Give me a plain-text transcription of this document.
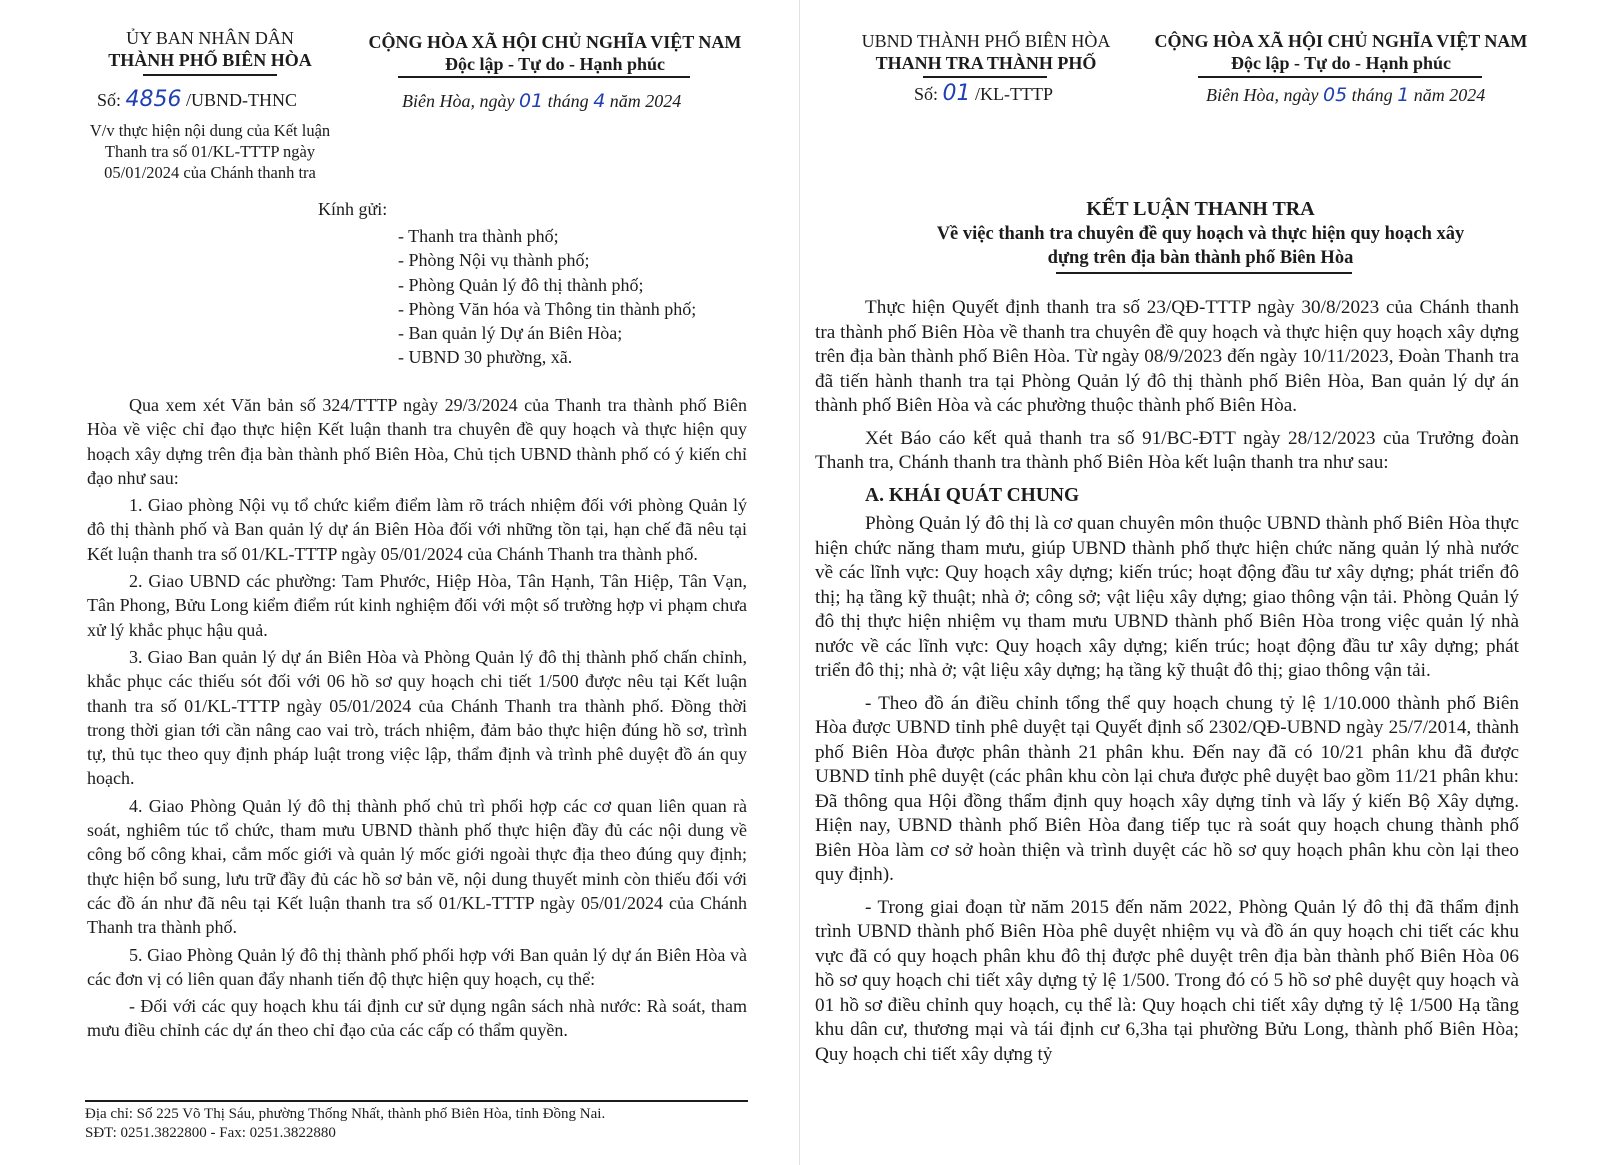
ỦY BAN NHÂN DÂN
THÀNH PHỐ BIÊN HÒA
CỘNG HÒA XÃ HỘI CHỦ NGHĨA VIỆT NAM
Độc lập - Tự do - Hạnh phúc
Số: 4856 /UBND-THNC	Biên Hòa, ngày 01 tháng 4 năm 2024
V/v thực hiện nội dung của Kết luận
Thanh tra số 01/KL-TTTP ngày
05/01/2024 của Chánh thanh tra
Kính gửi:
- Thanh tra thành phố;
- Phòng Nội vụ thành phố;
- Phòng Quản lý đô thị thành phố;
- Phòng Văn hóa và Thông tin thành phố;
- Ban quản lý Dự án Biên Hòa;
- UBND 30 phường, xã.

Qua xem xét Văn bản số 324/TTTP ngày 29/3/2024 của Thanh tra thành phố Biên Hòa về việc chỉ đạo thực hiện Kết luận thanh tra chuyên đề quy hoạch và thực hiện quy hoạch xây dựng trên địa bàn thành phố Biên Hòa, Chủ tịch UBND thành phố có ý kiến chỉ đạo như sau:

1. Giao phòng Nội vụ tổ chức kiểm điểm làm rõ trách nhiệm đối với phòng Quản lý đô thị thành phố và Ban quản lý dự án Biên Hòa đối với những tồn tại, hạn chế đã nêu tại Kết luận thanh tra số 01/KL-TTTP ngày 05/01/2024 của Chánh Thanh tra thành phố.

2. Giao UBND các phường: Tam Phước, Hiệp Hòa, Tân Hạnh, Tân Hiệp, Tân Vạn, Tân Phong, Bửu Long kiểm điểm rút kinh nghiệm đối với một số trường hợp vi phạm chưa xử lý khắc phục hậu quả.

3. Giao Ban quản lý dự án Biên Hòa và Phòng Quản lý đô thị thành phố chấn chỉnh, khắc phục các thiếu sót đối với 06 hồ sơ quy hoạch chi tiết 1/500 được nêu tại Kết luận thanh tra số 01/KL-TTTP ngày 05/01/2024 của Chánh Thanh tra thành phố. Đồng thời trong thời gian tới cần nâng cao vai trò, trách nhiệm, đảm bảo thực hiện đúng hồ sơ, trình tự, thủ tục theo quy định pháp luật trong việc lập, thẩm định và trình phê duyệt đồ án quy hoạch.

4. Giao Phòng Quản lý đô thị thành phố chủ trì phối hợp các cơ quan liên quan rà soát, nghiêm túc tổ chức, tham mưu UBND thành phố thực hiện đầy đủ các nội dung về công bố công khai, cắm mốc giới và quản lý mốc giới ngoài thực địa theo đúng quy định; thực hiện bổ sung, lưu trữ đầy đủ các hồ sơ bản vẽ, nội dung thuyết minh còn thiếu đối với các đồ án như đã nêu tại Kết luận thanh tra số 01/KL-TTTP ngày 05/01/2024 của Chánh Thanh tra thành phố.

5. Giao Phòng Quản lý đô thị thành phố phối hợp với Ban quản lý dự án Biên Hòa và các đơn vị có liên quan đẩy nhanh tiến độ thực hiện quy hoạch, cụ thể:

- Đối với các quy hoạch khu tái định cư sử dụng ngân sách nhà nước: Rà soát, tham mưu điều chỉnh các dự án theo chỉ đạo của các cấp có thẩm quyền.

Địa chỉ: Số 225 Võ Thị Sáu, phường Thống Nhất, thành phố Biên Hòa, tỉnh Đồng Nai.
SĐT: 0251.3822800 - Fax: 0251.3822880
UBND THÀNH PHỐ BIÊN HÒA
THANH TRA THÀNH PHỐ
CỘNG HÒA XÃ HỘI CHỦ NGHĨA VIỆT NAM
Độc lập - Tự do - Hạnh phúc
Số: 01 /KL-TTTP	Biên Hòa, ngày 05 tháng 1 năm 2024
KẾT LUẬN THANH TRA
Về việc thanh tra chuyên đề quy hoạch và thực hiện quy hoạch xây
dựng trên địa bàn thành phố Biên Hòa

Thực hiện Quyết định thanh tra số 23/QĐ-TTTP ngày 30/8/2023 của Chánh thanh tra thành phố Biên Hòa về thanh tra chuyên đề quy hoạch và thực hiện quy hoạch xây dựng trên địa bàn thành phố Biên Hòa. Từ ngày 08/9/2023 đến ngày 10/11/2023, Đoàn Thanh tra đã tiến hành thanh tra tại Phòng Quản lý đô thị thành phố Biên Hòa, Ban quản lý dự án thành phố Biên Hòa và các phường thuộc thành phố Biên Hòa.

Xét Báo cáo kết quả thanh tra số 91/BC-ĐTT ngày 28/12/2023 của Trưởng đoàn Thanh tra, Chánh thanh tra thành phố Biên Hòa kết luận thanh tra như sau:

A. KHÁI QUÁT CHUNG

Phòng Quản lý đô thị là cơ quan chuyên môn thuộc UBND thành phố Biên Hòa thực hiện chức năng tham mưu, giúp UBND thành phố thực hiện chức năng quản lý nhà nước về các lĩnh vực: Quy hoạch xây dựng; kiến trúc; hoạt động đầu tư xây dựng; phát triển đô thị; hạ tầng kỹ thuật; nhà ở; công sở; vật liệu xây dựng; giao thông vận tải. Phòng Quản lý đô thị thực hiện nhiệm vụ tham mưu UBND thành phố Biên Hòa trong việc quản lý nhà nước về các lĩnh vực: Quy hoạch xây dựng; kiến trúc; hoạt động đầu tư xây dựng; phát triển đô thị; nhà ở; vật liệu xây dựng; hạ tầng kỹ thuật đô thị; giao thông vận tải.

- Theo đồ án điều chỉnh tổng thể quy hoạch chung tỷ lệ 1/10.000 thành phố Biên Hòa được UBND tỉnh phê duyệt tại Quyết định số 2302/QĐ-UBND ngày 25/7/2014, thành phố Biên Hòa được phân thành 21 phân khu. Đến nay đã có 10/21 phân khu đã được UBND tỉnh phê duyệt (các phân khu còn lại chưa được phê duyệt bao gồm 11/21 phân khu: Đã thông qua Hội đồng thẩm định quy hoạch xây dựng tỉnh và lấy ý kiến Bộ Xây dựng. Hiện nay, UBND thành phố Biên Hòa đang tiếp tục rà soát quy hoạch chung thành phố Biên Hòa làm cơ sở hoàn thiện và trình duyệt các hồ sơ quy hoạch phân khu còn lại theo quy định).

- Trong giai đoạn từ năm 2015 đến năm 2022, Phòng Quản lý đô thị đã thẩm định trình UBND thành phố Biên Hòa phê duyệt nhiệm vụ và đồ án quy hoạch chi tiết các khu vực đã có quy hoạch phân khu đô thị được phê duyệt trên địa bàn thành phố Biên Hòa 06 hồ sơ quy hoạch chi tiết xây dựng tỷ lệ 1/500. Trong đó có 5 hồ sơ phê duyệt quy hoạch và 01 hồ sơ điều chỉnh quy hoạch, cụ thể là: Quy hoạch chi tiết xây dựng tỷ lệ 1/500 Hạ tầng khu dân cư, thương mại và tái định cư 6,3ha tại phường Bửu Long, thành phố Biên Hòa; Quy hoạch chi tiết xây dựng tỷ
